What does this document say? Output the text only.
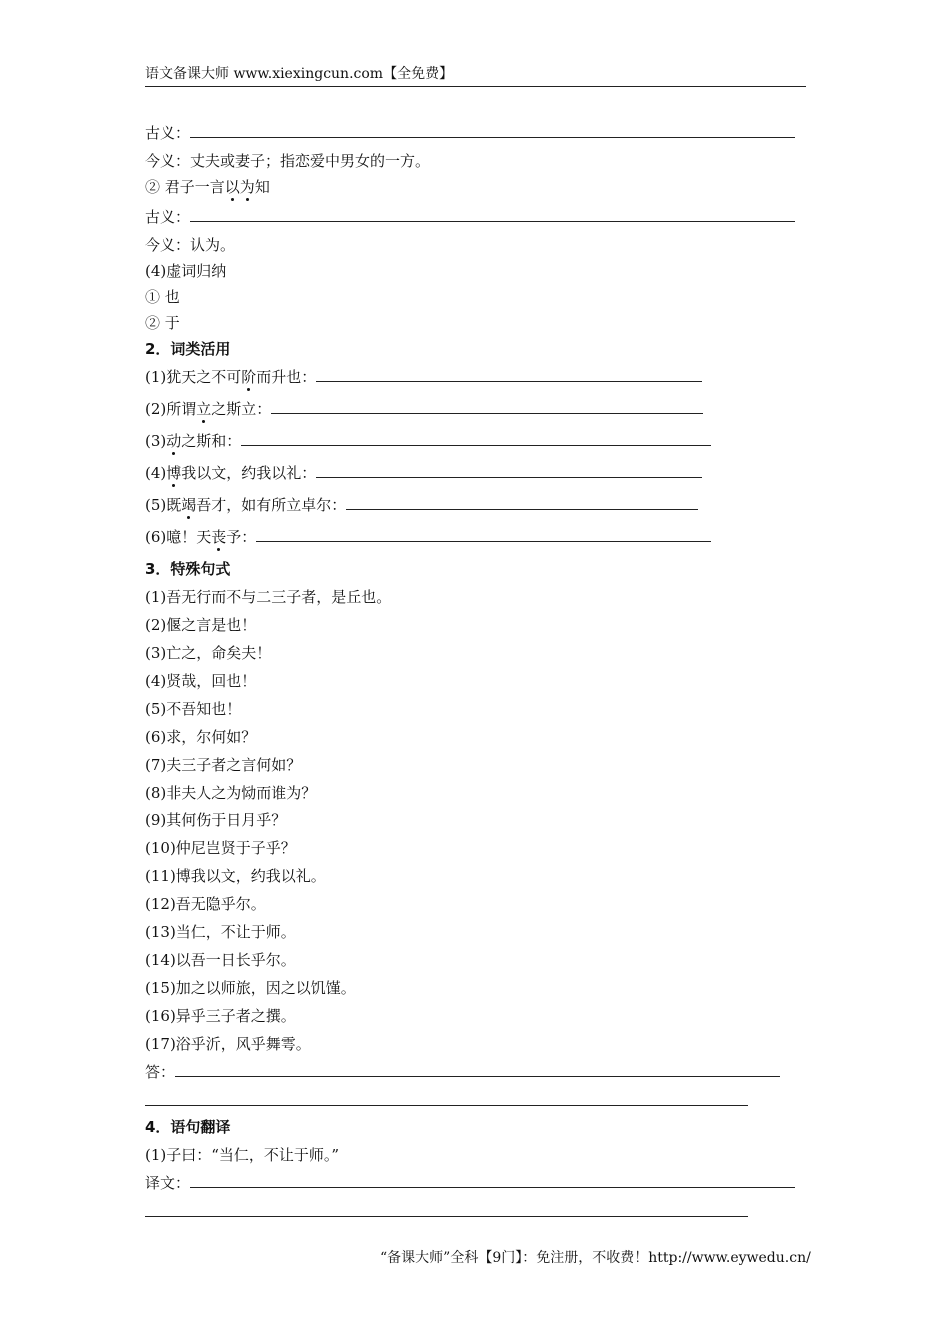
语文备课大师 www.xiexingcun.com【全免费】
古义：
今义：丈夫或妻子；指恋爱中男女的一方。
② 君子一言以为知
古义：
今义：认为。
(4)虚词归纳
① 也
② 于
2．词类活用
(1)犹天之不可阶而升也：
(2)所谓立之斯立：
(3)动之斯和：
(4)博我以文，约我以礼：
(5)既竭吾才，如有所立卓尔：
(6)噫！天丧予：
3．特殊句式
(1)吾无行而不与二三子者，是丘也。
(2)偃之言是也！
(3)亡之，命矣夫！
(4)贤哉，回也！
(5)不吾知也！
(6)求，尔何如？
(7)夫三子者之言何如？
(8)非夫人之为恸而谁为？
(9)其何伤于日月乎？
(10)仲尼岂贤于子乎？
(11)博我以文，约我以礼。
(12)吾无隐乎尔。
(13)当仁，不让于师。
(14)以吾一日长乎尔。
(15)加之以师旅，因之以饥馑。
(16)异乎三子者之撰。
(17)浴乎沂，风乎舞雩。
答：
4．语句翻译
(1)子曰：“当仁，不让于师。”
译文：
“备课大师”全科【9门】：免注册，不收费！http://www.eywedu.cn/
